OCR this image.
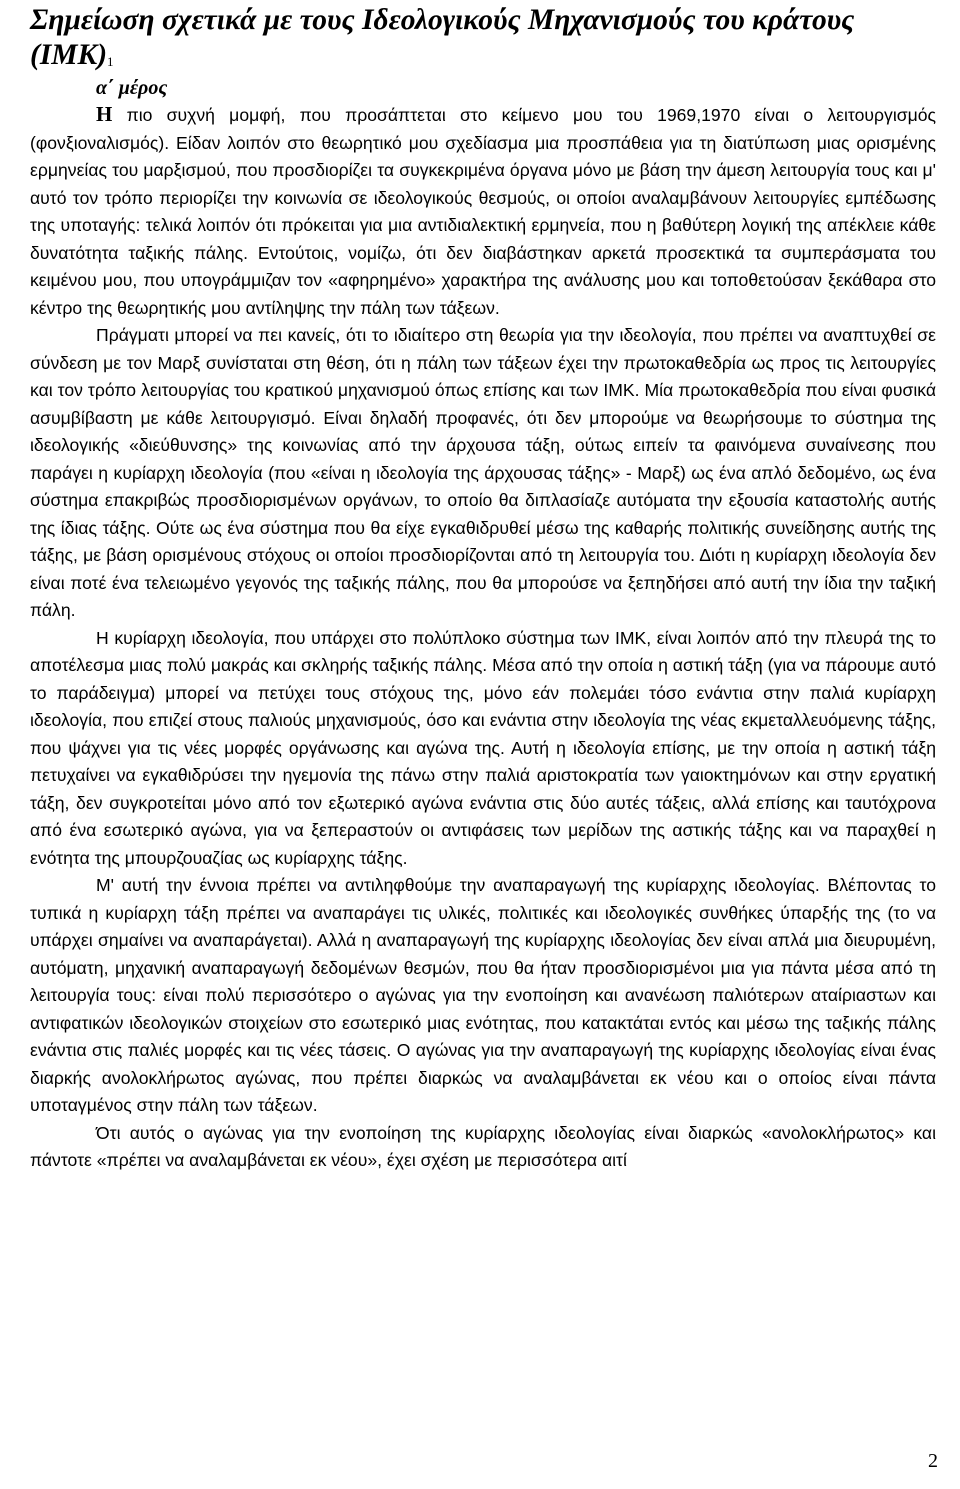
Σημείωση σχετικά με τους Ιδεολογικούς Μηχανισμούς του κράτους $(IMK)^1$
α΄ μέρος

Η πιο συχνή μομφή, που προσάπτεται στο κείμενο μου του 1969,1970 είναι ο λειτουργισμός (φονξιοναλισμός). Είδαν λοιπόν στο θεωρητικό μου σχεδίασμα μια προσπάθεια για τη διατύπωση μιας ορισμένης ερμηνείας του μαρξισμού, που προσδιορίζει τα συγκεκριμένα όργανα μόνο με βάση την άμεση λειτουργία τους και μ' αυτό τον τρόπο περιορίζει την κοινωνία σε ιδεολογικούς θεσμούς, οι οποίοι αναλαμβάνουν λειτουργίες εμπέδωσης της υποταγής: τελικά λοιπόν ότι πρόκειται για μια αντιδιαλεκτική ερμηνεία, που η βαθύτερη λογική της απέκλειε κάθε δυνατότητα ταξικής πάλης. Εντούτοις, νομίζω, ότι δεν διαβάστηκαν αρκετά προσεκτικά τα συμπεράσματα του κειμένου μου, που υπογράμμιζαν τον «αφηρημένο» χαρακτήρα της ανάλυσης μου και τοποθετούσαν ξεκάθαρα στο κέντρο της θεωρητικής μου αντίληψης την πάλη των τάξεων.

Πράγματι μπορεί να πει κανείς, ότι το ιδιαίτερο στη θεωρία για την ιδεολογία, που πρέπει να αναπτυχθεί σε σύνδεση με τον Μαρξ συνίσταται στη θέση, ότι η πάλη των τάξεων έχει την πρωτοκαθεδρία ως προς τις λειτουργίες και τον τρόπο λειτουργίας του κρατικού μηχανισμού όπως επίσης και των ΙΜΚ. Μία πρωτοκαθεδρία που είναι φυσικά ασυμβίβαστη με κάθε λειτουργισμό. Είναι δηλαδή προφανές, ότι δεν μπορούμε να θεωρήσουμε το σύστημα της ιδεολογικής «διεύθυνσης» της κοινωνίας από την άρχουσα τάξη, ούτως ειπείν τα φαινόμενα συναίνεσης που παράγει η κυρίαρχη ιδεολογία (που «είναι η ιδεολογία της άρχουσας τάξης» - Μαρξ) ως ένα απλό δεδομένο, ως ένα σύστημα επακριβώς προσδιορισμένων οργάνων, το οποίο θα διπλασίαζε αυτόματα την εξουσία καταστολής αυτής της ίδιας τάξης. Ούτε ως ένα σύστημα που θα είχε εγκαθιδρυθεί μέσω της καθαρής πολιτικής συνείδησης αυτής της τάξης, με βάση ορισμένους στόχους οι οποίοι προσδιορίζονται από τη λειτουργία του. Διότι η κυρίαρχη ιδεολογία δεν είναι ποτέ ένα τελειωμένο γεγονός της ταξικής πάλης, που θα μπορούσε να ξεπηδήσει από αυτή την ίδια την ταξική πάλη.

Η κυρίαρχη ιδεολογία, που υπάρχει στο πολύπλοκο σύστημα των ΙΜΚ, είναι λοιπόν από την πλευρά της το αποτέλεσμα μιας πολύ μακράς και σκληρής ταξικής πάλης. Μέσα από την οποία η αστική τάξη (για να πάρουμε αυτό το παράδειγμα) μπορεί να πετύχει τους στόχους της, μόνο εάν πολεμάει τόσο ενάντια στην παλιά κυρίαρχη ιδεολογία, που επιζεί στους παλιούς μηχανισμούς, όσο και ενάντια στην ιδεολογία της νέας εκμεταλλευόμενης τάξης, που ψάχνει για τις νέες μορφές οργάνωσης και αγώνα της. Αυτή η ιδεολογία επίσης, με την οποία η αστική τάξη πετυχαίνει να εγκαθιδρύσει την ηγεμονία της πάνω στην παλιά αριστοκρατία των γαιοκτημόνων και στην εργατική τάξη, δεν συγκροτείται μόνο από τον εξωτερικό αγώνα ενάντια στις δύο αυτές τάξεις, αλλά επίσης και ταυτόχρονα από ένα εσωτερικό αγώνα, για να ξεπεραστούν οι αντιφάσεις των μερίδων της αστικής τάξης και να παραχθεί η ενότητα της μπουρζουαζίας ως κυρίαρχης τάξης.

Μ' αυτή την έννοια πρέπει να αντιληφθούμε την αναπαραγωγή της κυρίαρχης ιδεολογίας. Βλέποντας το τυπικά η κυρίαρχη τάξη πρέπει να αναπαράγει τις υλικές, πολιτικές και ιδεολογικές συνθήκες ύπαρξής της (το να υπάρχει σημαίνει να αναπαράγεται). Αλλά η αναπαραγωγή της κυρίαρχης ιδεολογίας δεν είναι απλά μια διευρυμένη, αυτόματη, μηχανική αναπαραγωγή δεδομένων θεσμών, που θα ήταν προσδιορισμένοι μια για πάντα μέσα από τη λειτουργία τους: είναι πολύ περισσότερο ο αγώνας για την ενοποίηση και ανανέωση παλιότερων αταίριαστων και αντιφατικών ιδεολογικών στοιχείων στο εσωτερικό μιας ενότητας, που κατακτάται εντός και μέσω της ταξικής πάλης ενάντια στις παλιές μορφές και τις νέες τάσεις. Ο αγώνας για την αναπαραγωγή της κυρίαρχης ιδεολογίας είναι ένας διαρκής ανολοκλήρωτος αγώνας, που πρέπει διαρκώς να αναλαμβάνεται εκ νέου και ο οποίος είναι πάντα υποταγμένος στην πάλη των τάξεων.

Ότι αυτός ο αγώνας για την ενοποίηση της κυρίαρχης ιδεολογίας είναι διαρκώς «ανολοκλήρωτος» και πάντοτε «πρέπει να αναλαμβάνεται εκ νέου», έχει σχέση με περισσότερα αιτί

2
